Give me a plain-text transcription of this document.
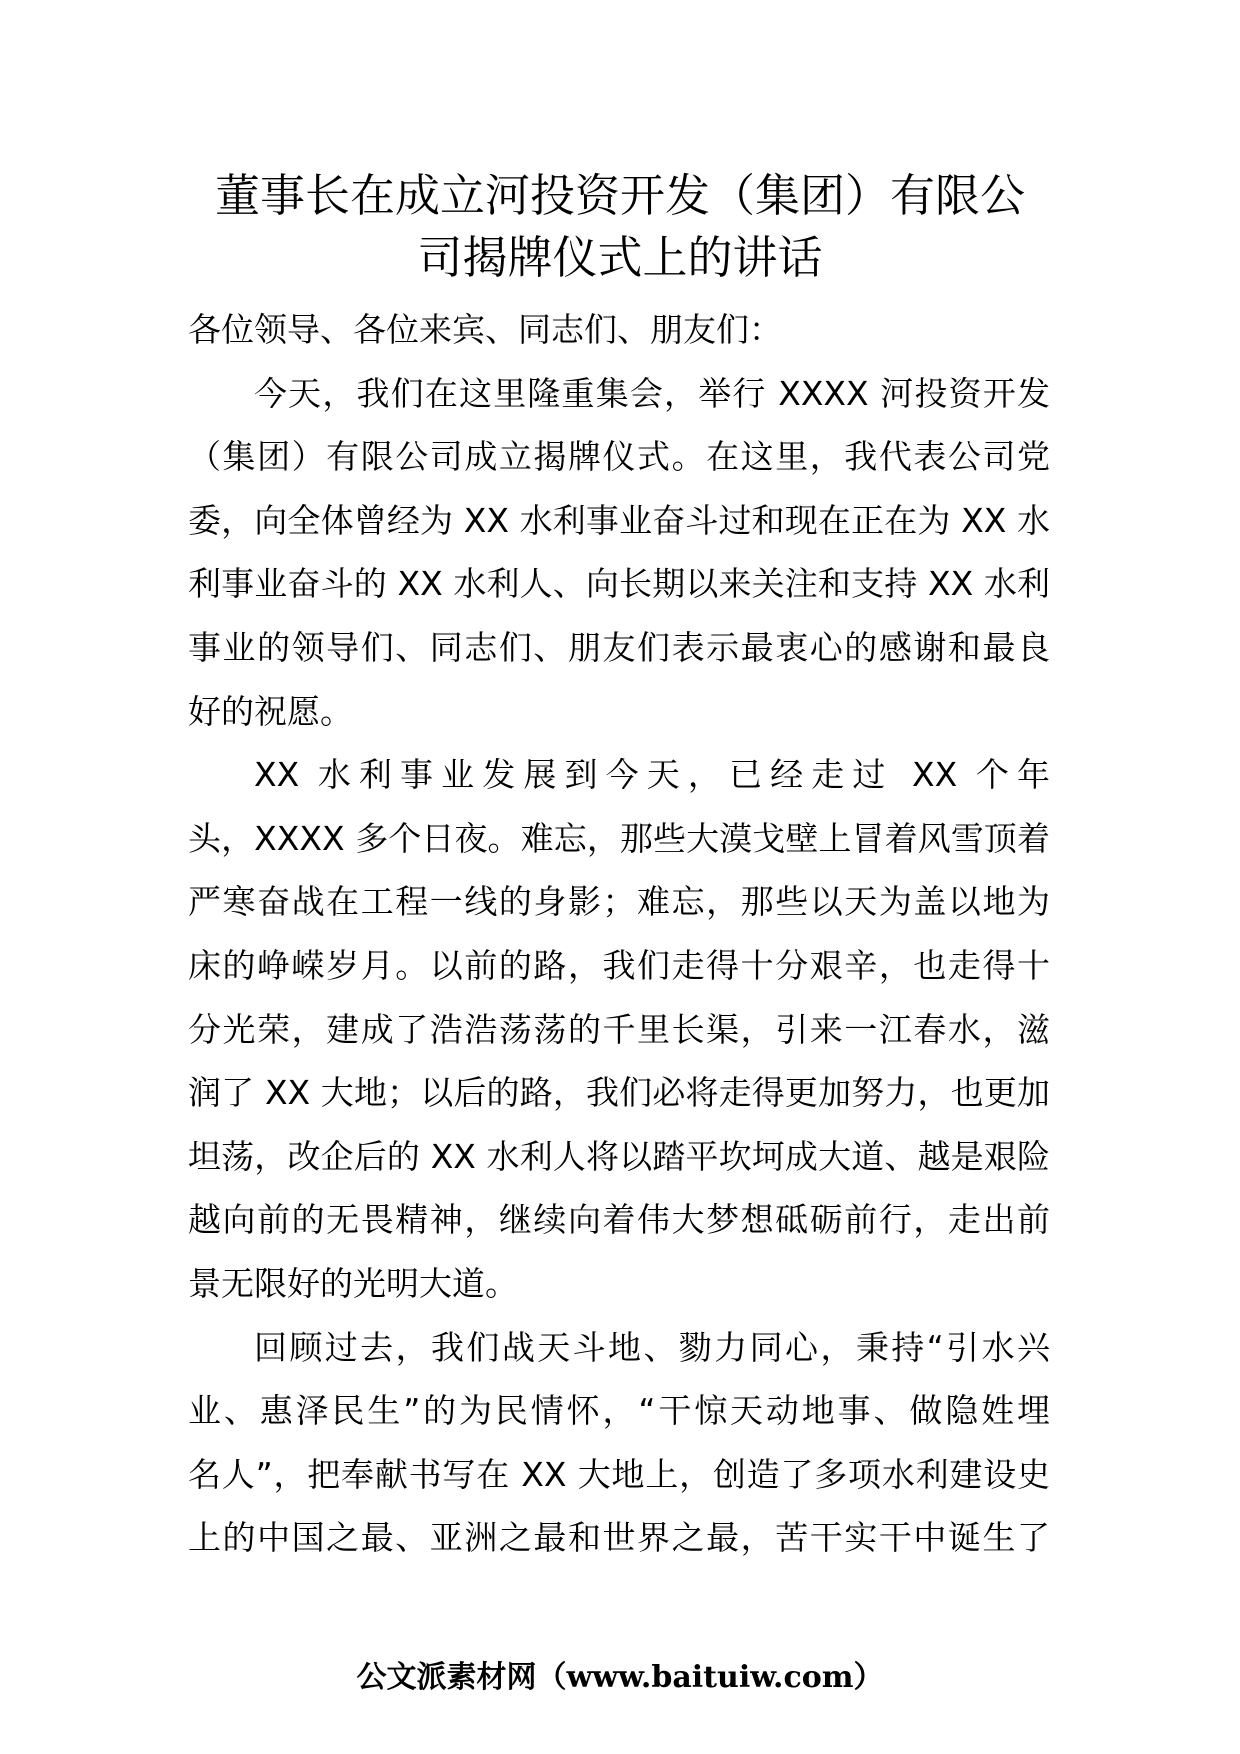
董事长在成立河投资开发（集团）有限公
司揭牌仪式上的讲话

各位领导、各位来宾、同志们、朋友们：

今天，我们在这里隆重集会，举行 XXXX 河投资开发
（集团）有限公司成立揭牌仪式。在这里，我代表公司党
委，向全体曾经为 XX 水利事业奋斗过和现在正在为 XX 水
利事业奋斗的 XX 水利人、向长期以来关注和支持 XX 水利
事业的领导们、同志们、朋友们表示最衷心的感谢和最良
好的祝愿。

XX 水利事业发展到今天，已经走过 XX 个年
头，XXXX 多个日夜。难忘，那些大漠戈壁上冒着风雪顶着
严寒奋战在工程一线的身影；难忘，那些以天为盖以地为
床的峥嵘岁月。以前的路，我们走得十分艰辛，也走得十
分光荣，建成了浩浩荡荡的千里长渠，引来一江春水，滋
润了 XX 大地；以后的路，我们必将走得更加努力，也更加
坦荡，改企后的 XX 水利人将以踏平坎坷成大道、越是艰险
越向前的无畏精神，继续向着伟大梦想砥砺前行，走出前
景无限好的光明大道。

回顾过去，我们战天斗地、勠力同心，秉持“引水兴
业、惠泽民生”的为民情怀，“干惊天动地事、做隐姓埋
名人”，把奉献书写在 XX 大地上，创造了多项水利建设史
上的中国之最、亚洲之最和世界之最，苦干实干中诞生了

公文派素材网（www.baituiw.com）
